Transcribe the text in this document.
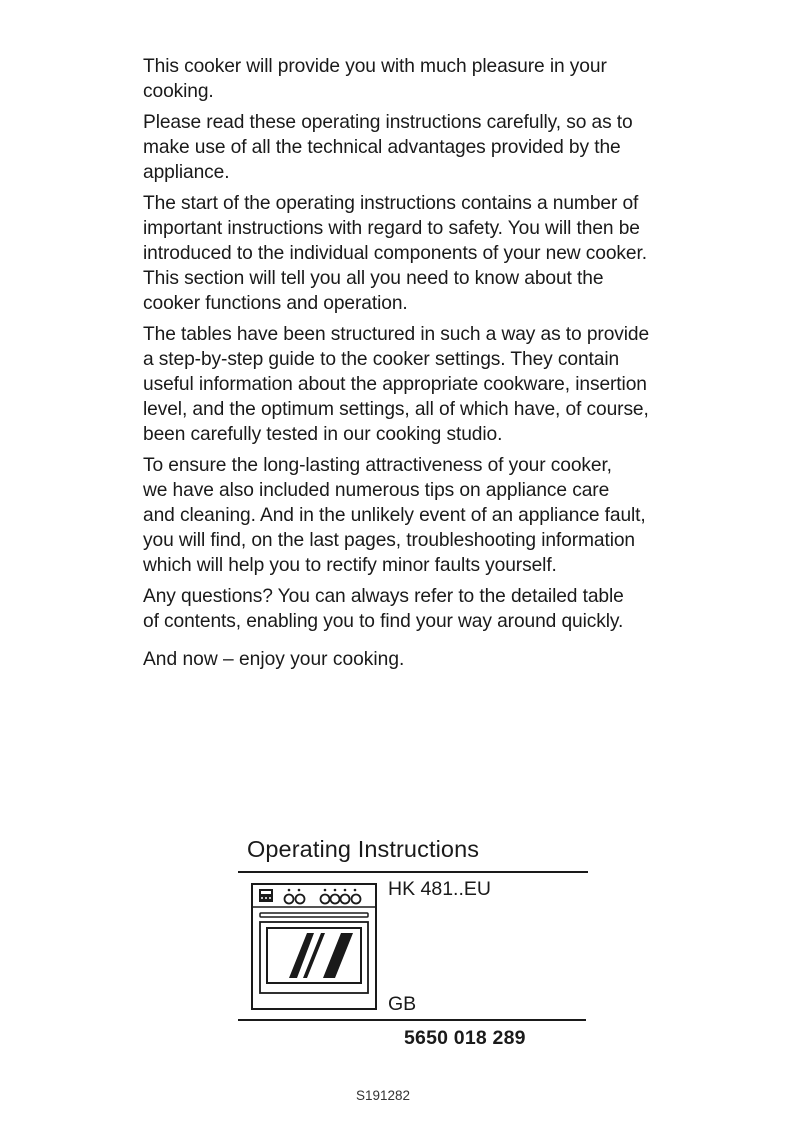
This cooker will provide you with much pleasure in your
cooking.

Please read these operating instructions carefully, so as to
make use of all the technical advantages provided by the
appliance.

The start of the operating instructions contains a number of
important instructions with regard to safety. You will then be
introduced to the individual components of your new cooker.
This section will tell you all you need to know about the
cooker functions and operation.

The tables have been structured in such a way as to provide
a step-by-step guide to the cooker settings. They contain
useful information about the appropriate cookware, insertion
level, and the optimum settings, all of which have, of course,
been carefully tested in our cooking studio.

To ensure the long-lasting attractiveness of your cooker,
we have also included numerous tips on appliance care
and cleaning. And in the unlikely event of an appliance fault,
you will find, on the last pages, troubleshooting information
which will help you to rectify minor faults yourself.

Any questions? You can always refer to the detailed table
of contents, enabling you to find your way around quickly.

And now – enjoy your cooking.

Operating Instructions

HK 481..EU

GB

5650 018 289

S191282
